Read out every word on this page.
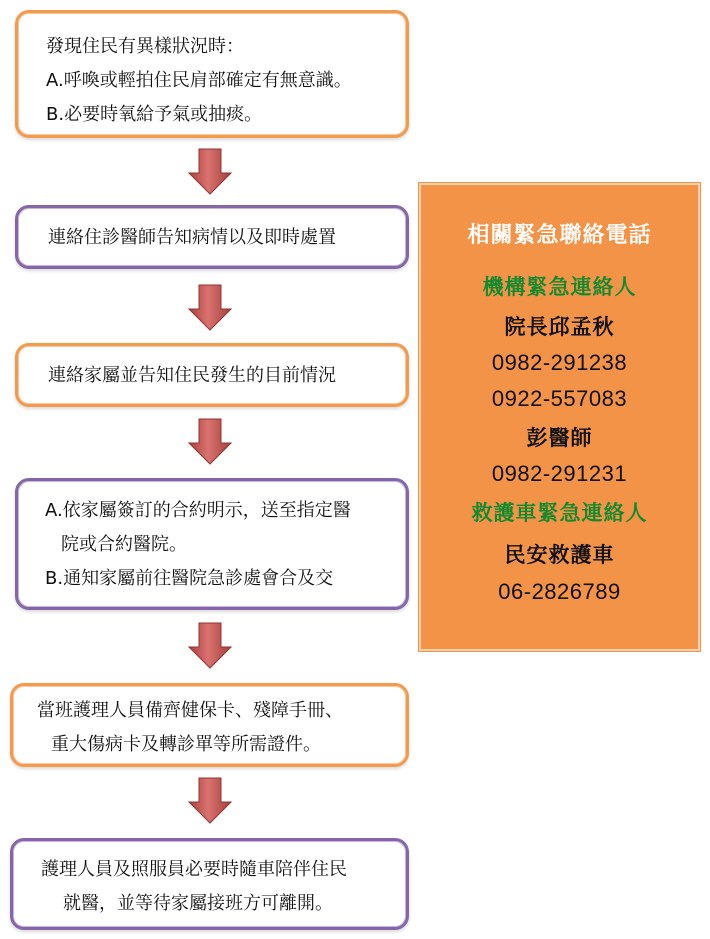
發現住民有異樣狀況時：
A.呼喚或輕拍住民肩部確定有無意識。
B.必要時氧給予氣或抽痰。
連絡住診醫師告知病情以及即時處置
連絡家屬並告知住民發生的目前情況
A.依家屬簽訂的合約明示，送至指定醫
院或合約醫院。
B.通知家屬前往醫院急診處會合及交
當班護理人員備齊健保卡、殘障手冊、
重大傷病卡及轉診單等所需證件。
護理人員及照服員必要時隨車陪伴住民
就醫，並等待家屬接班方可離開。
相關緊急聯絡電話
機構緊急連絡人
院長邱孟秋
0982-291238
0922-557083
彭醫師
0982-291231
救護車緊急連絡人
民安救護車
06-2826789
